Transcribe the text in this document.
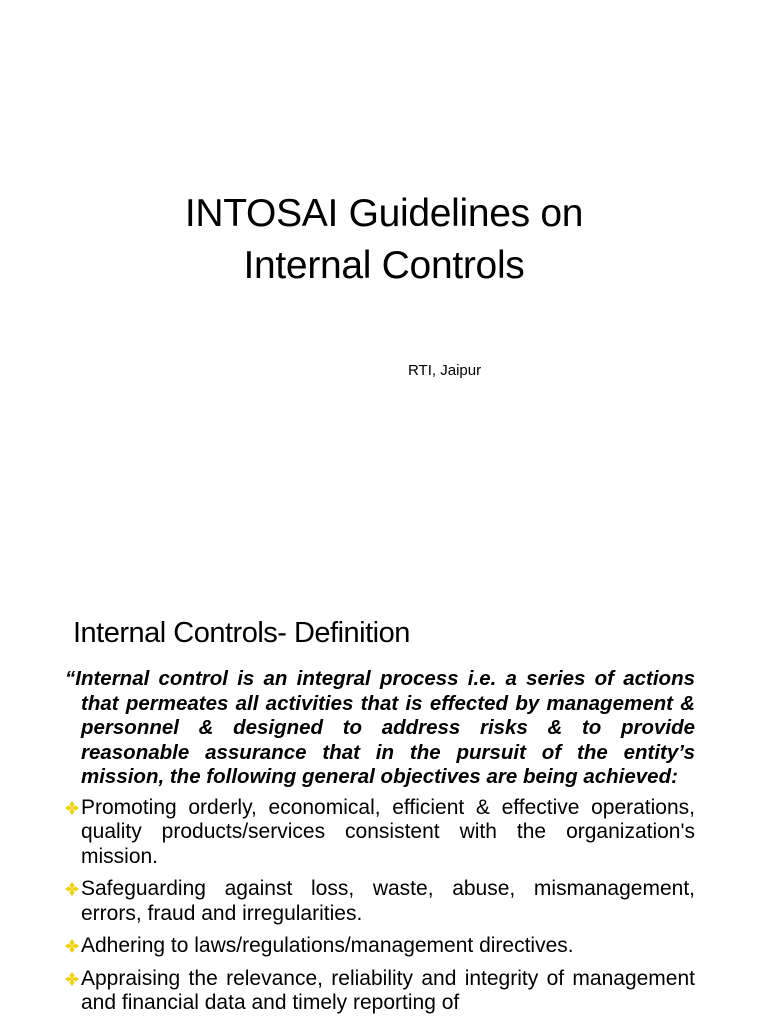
INTOSAI Guidelines on
Internal Controls

RTI, Jaipur

Internal Controls- Definition

“Internal control is an integral process i.e. a series of actions that permeates all activities that is effected by management & personnel & designed to address risks & to provide reasonable assurance that in the pursuit of the entity’s mission, the following general objectives are being achieved:

Promoting orderly, economical, efficient & effective operations, quality products/services consistent with the organization's mission.
Safeguarding against loss, waste, abuse, mismanagement, errors, fraud and irregularities.
Adhering to laws/regulations/management directives.
Appraising the relevance, reliability and integrity of management and financial data and timely reporting of
